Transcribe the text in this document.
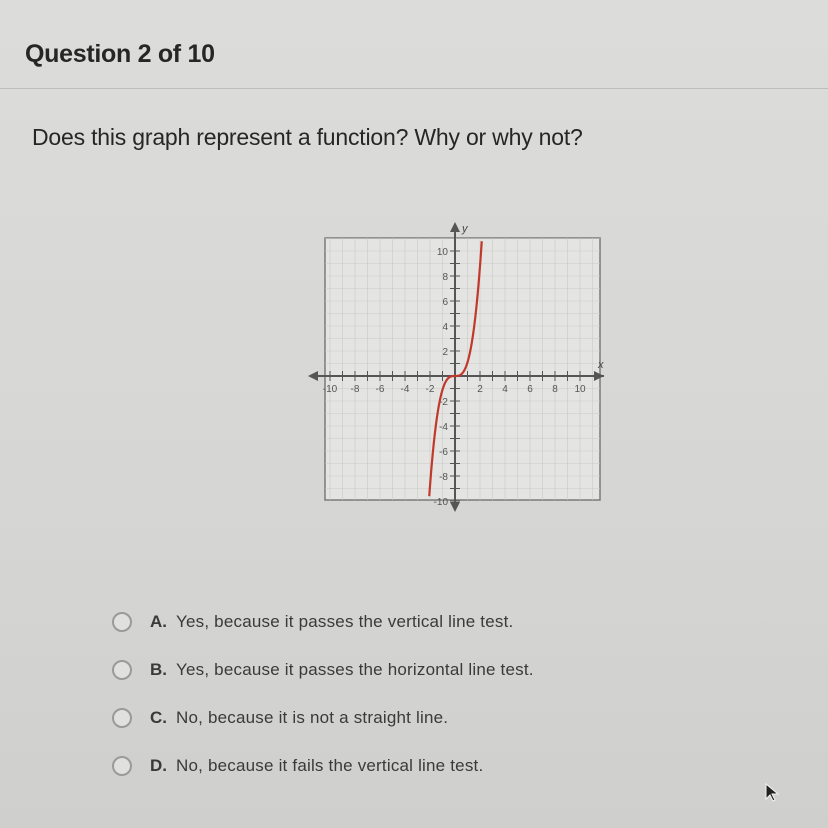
Question 2 of 10
Does this graph represent a function? Why or why not?
x
y
-10 -8 -6 -4 -2	2 4 6 8 10
10
8
6
4
2
-2
-4
-6
-8
-10
A. Yes, because it passes the vertical line test.
B. Yes, because it passes the horizontal line test.
C. No, because it is not a straight line.
D. No, because it fails the vertical line test.
